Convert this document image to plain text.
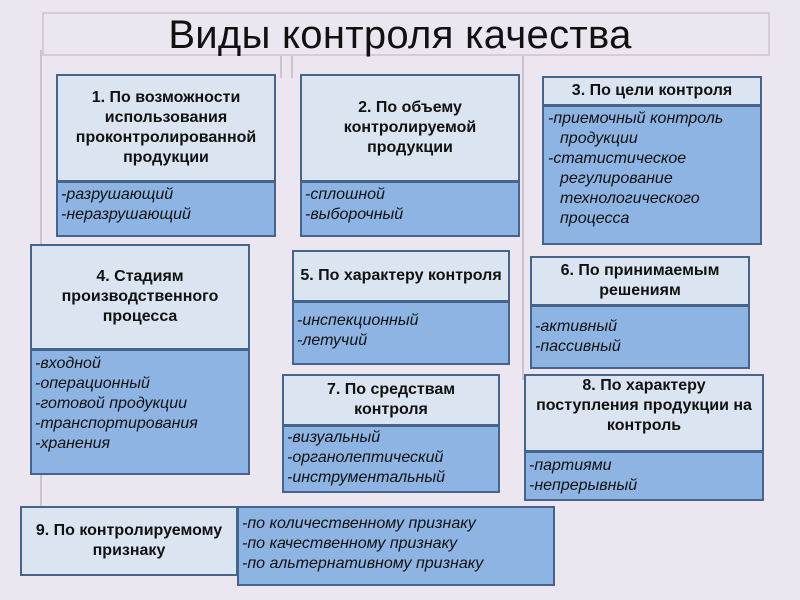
Виды контроля качества
1. По возможности использования проконтролированной продукции
-разрушающий
-неразрушающий
2. По объему контролируемой продукции
-сплошной
-выборочный
3. По цели контроля
-приемочный контроль продукции
-статистическое регулирование технологического процесса
4. Стадиям производственного процесса
-входной
-операционный
-готовой продукции
-транспортирования
-хранения
5. По характеру контроля
-инспекционный
-летучий
6. По принимаемым решениям
-активный
-пассивный
7. По средствам контроля
-визуальный
-органолептический
-инструментальный
8. По характеру поступления продукции на контроль
-партиями
-непрерывный
9. По контролируемому признаку
-по количественному признаку
-по качественному признаку
-по альтернативному признаку
